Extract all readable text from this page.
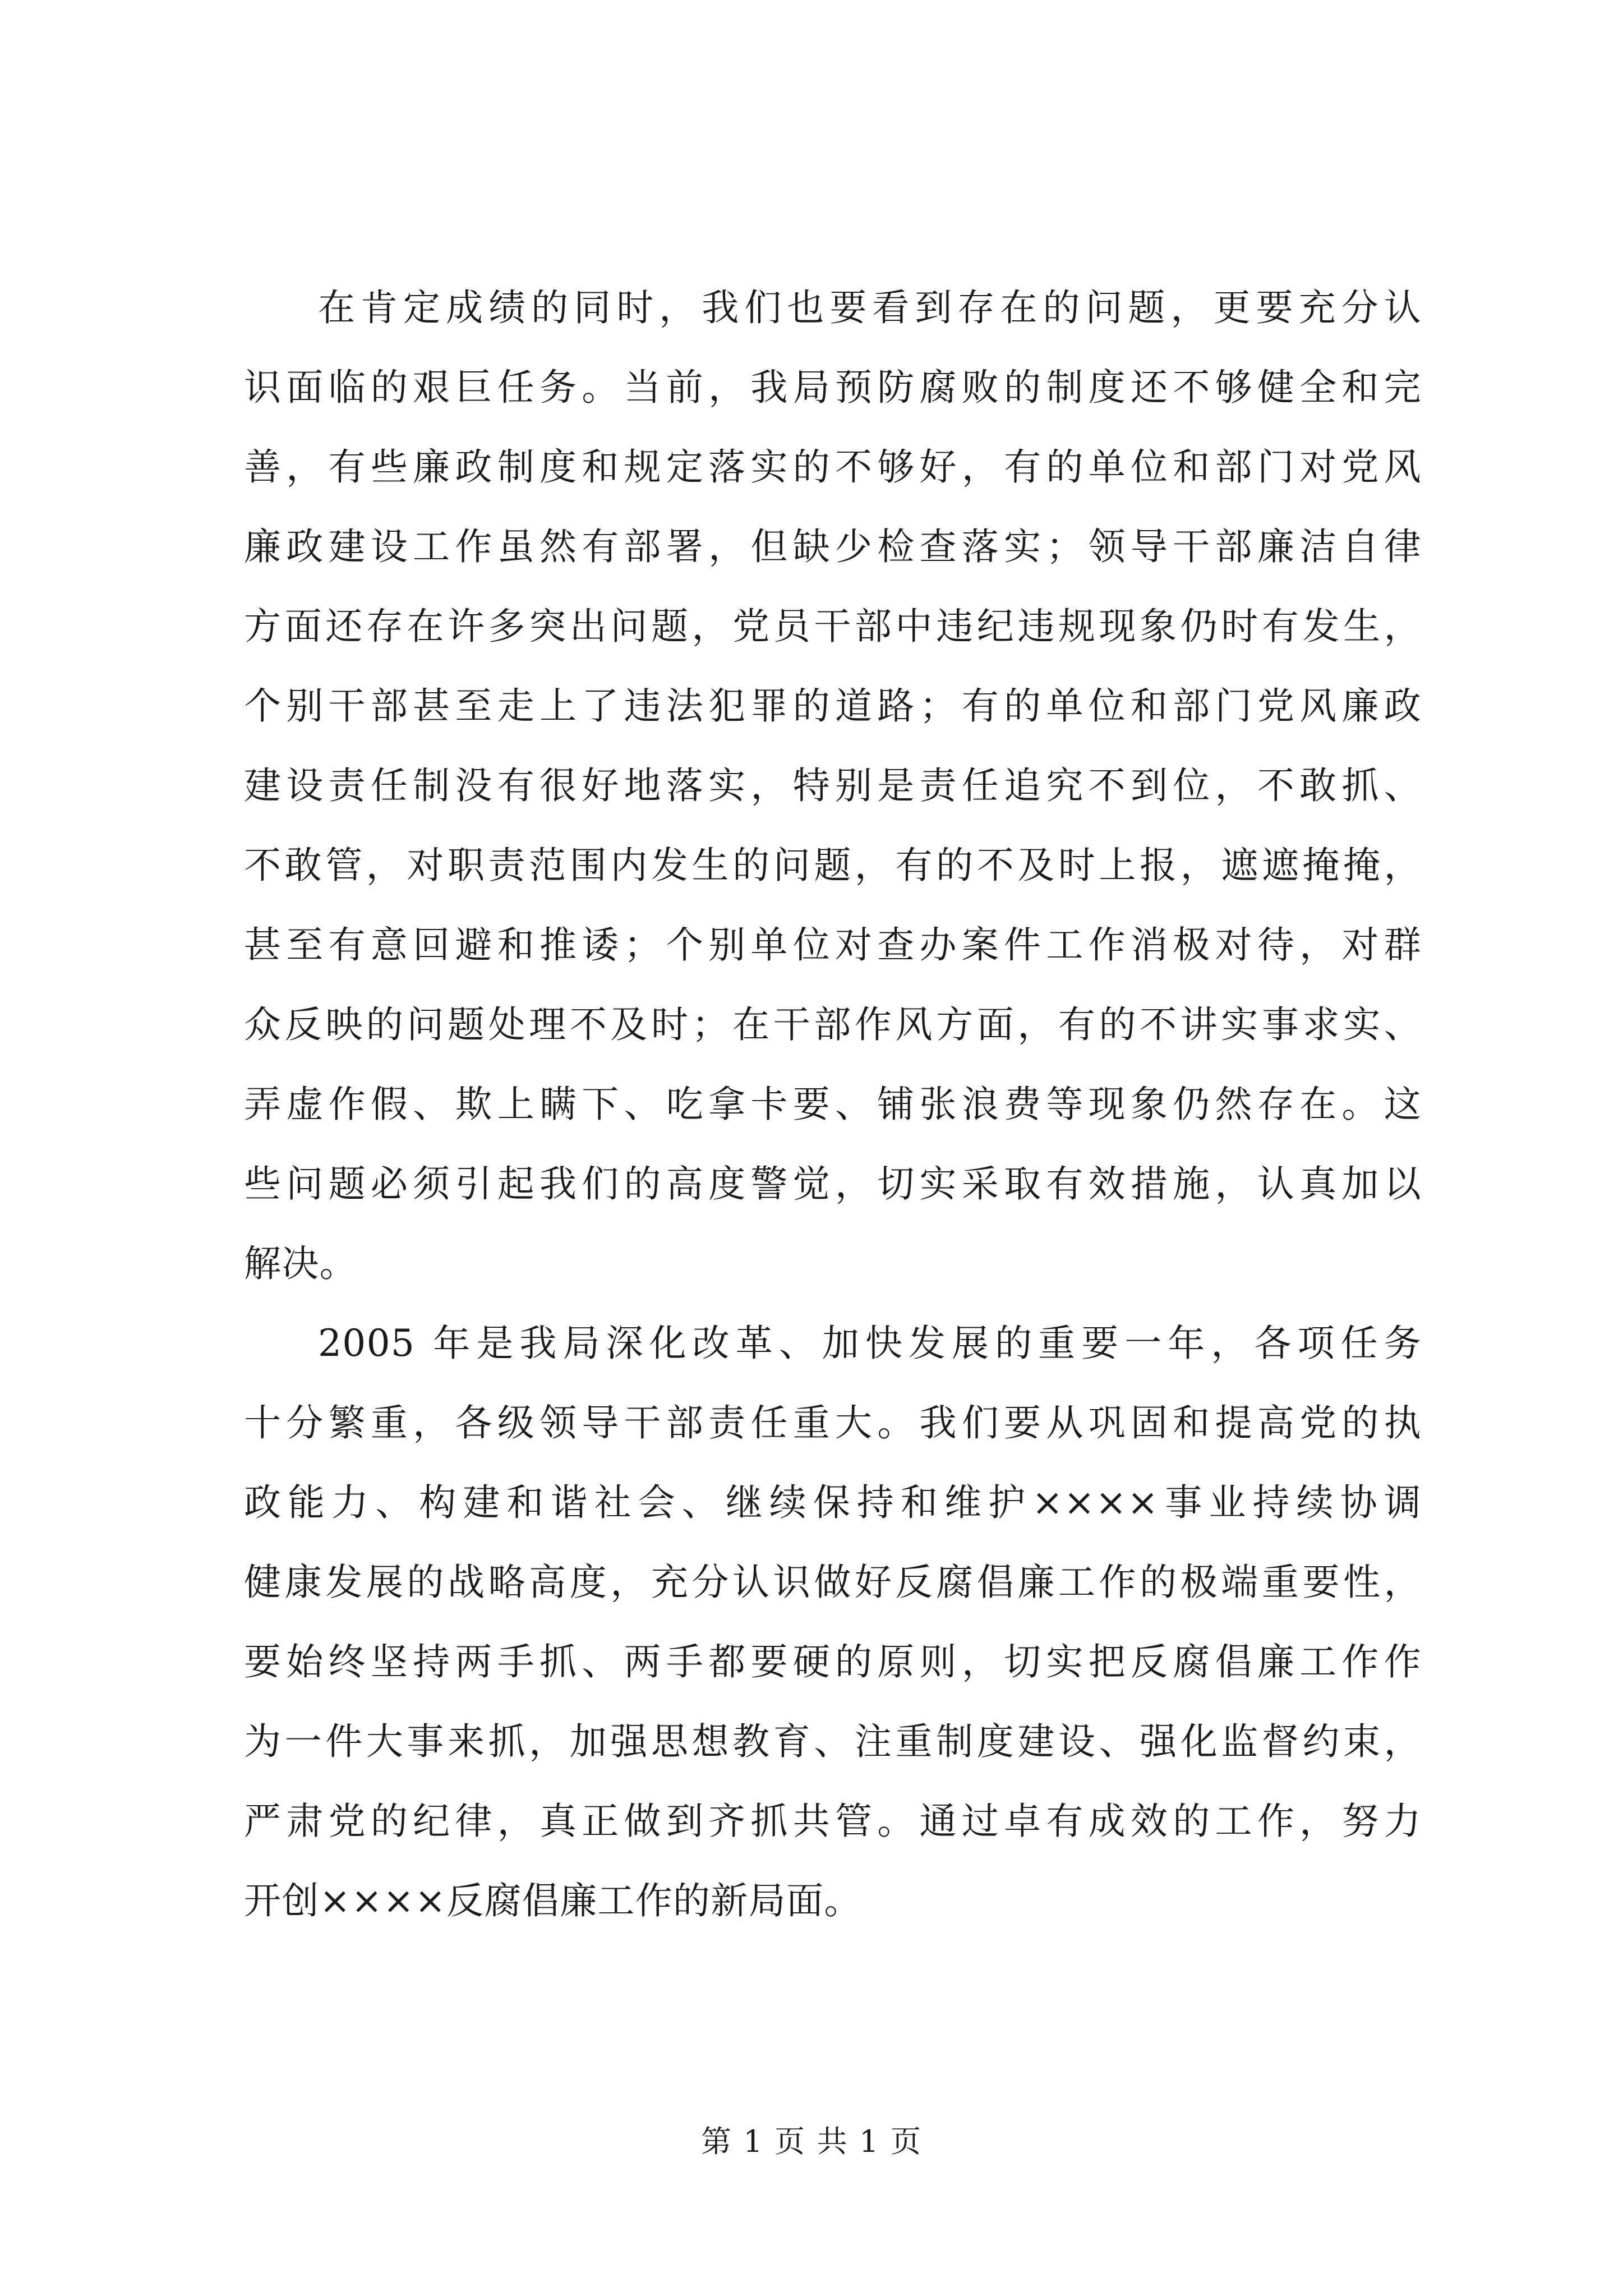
在肯定成绩的同时，我们也要看到存在的问题，更要充分认
识面临的艰巨任务。当前，我局预防腐败的制度还不够健全和完
善，有些廉政制度和规定落实的不够好，有的单位和部门对党风
廉政建设工作虽然有部署，但缺少检查落实；领导干部廉洁自律
方面还存在许多突出问题，党员干部中违纪违规现象仍时有发生，
个别干部甚至走上了违法犯罪的道路；有的单位和部门党风廉政
建设责任制没有很好地落实，特别是责任追究不到位，不敢抓、
不敢管，对职责范围内发生的问题，有的不及时上报，遮遮掩掩，
甚至有意回避和推诿；个别单位对查办案件工作消极对待，对群
众反映的问题处理不及时；在干部作风方面，有的不讲实事求实、
弄虚作假、欺上瞒下、吃拿卡要、铺张浪费等现象仍然存在。这
些问题必须引起我们的高度警觉，切实采取有效措施，认真加以
解决。
2005 年是我局深化改革、加快发展的重要一年，各项任务
十分繁重，各级领导干部责任重大。我们要从巩固和提高党的执
政能力、构建和谐社会、继续保持和维护××××事业持续协调
健康发展的战略高度，充分认识做好反腐倡廉工作的极端重要性，
要始终坚持两手抓、两手都要硬的原则，切实把反腐倡廉工作作
为一件大事来抓，加强思想教育、注重制度建设、强化监督约束，
严肃党的纪律，真正做到齐抓共管。通过卓有成效的工作，努力
开创××××反腐倡廉工作的新局面。
第 1 页 共 1 页
